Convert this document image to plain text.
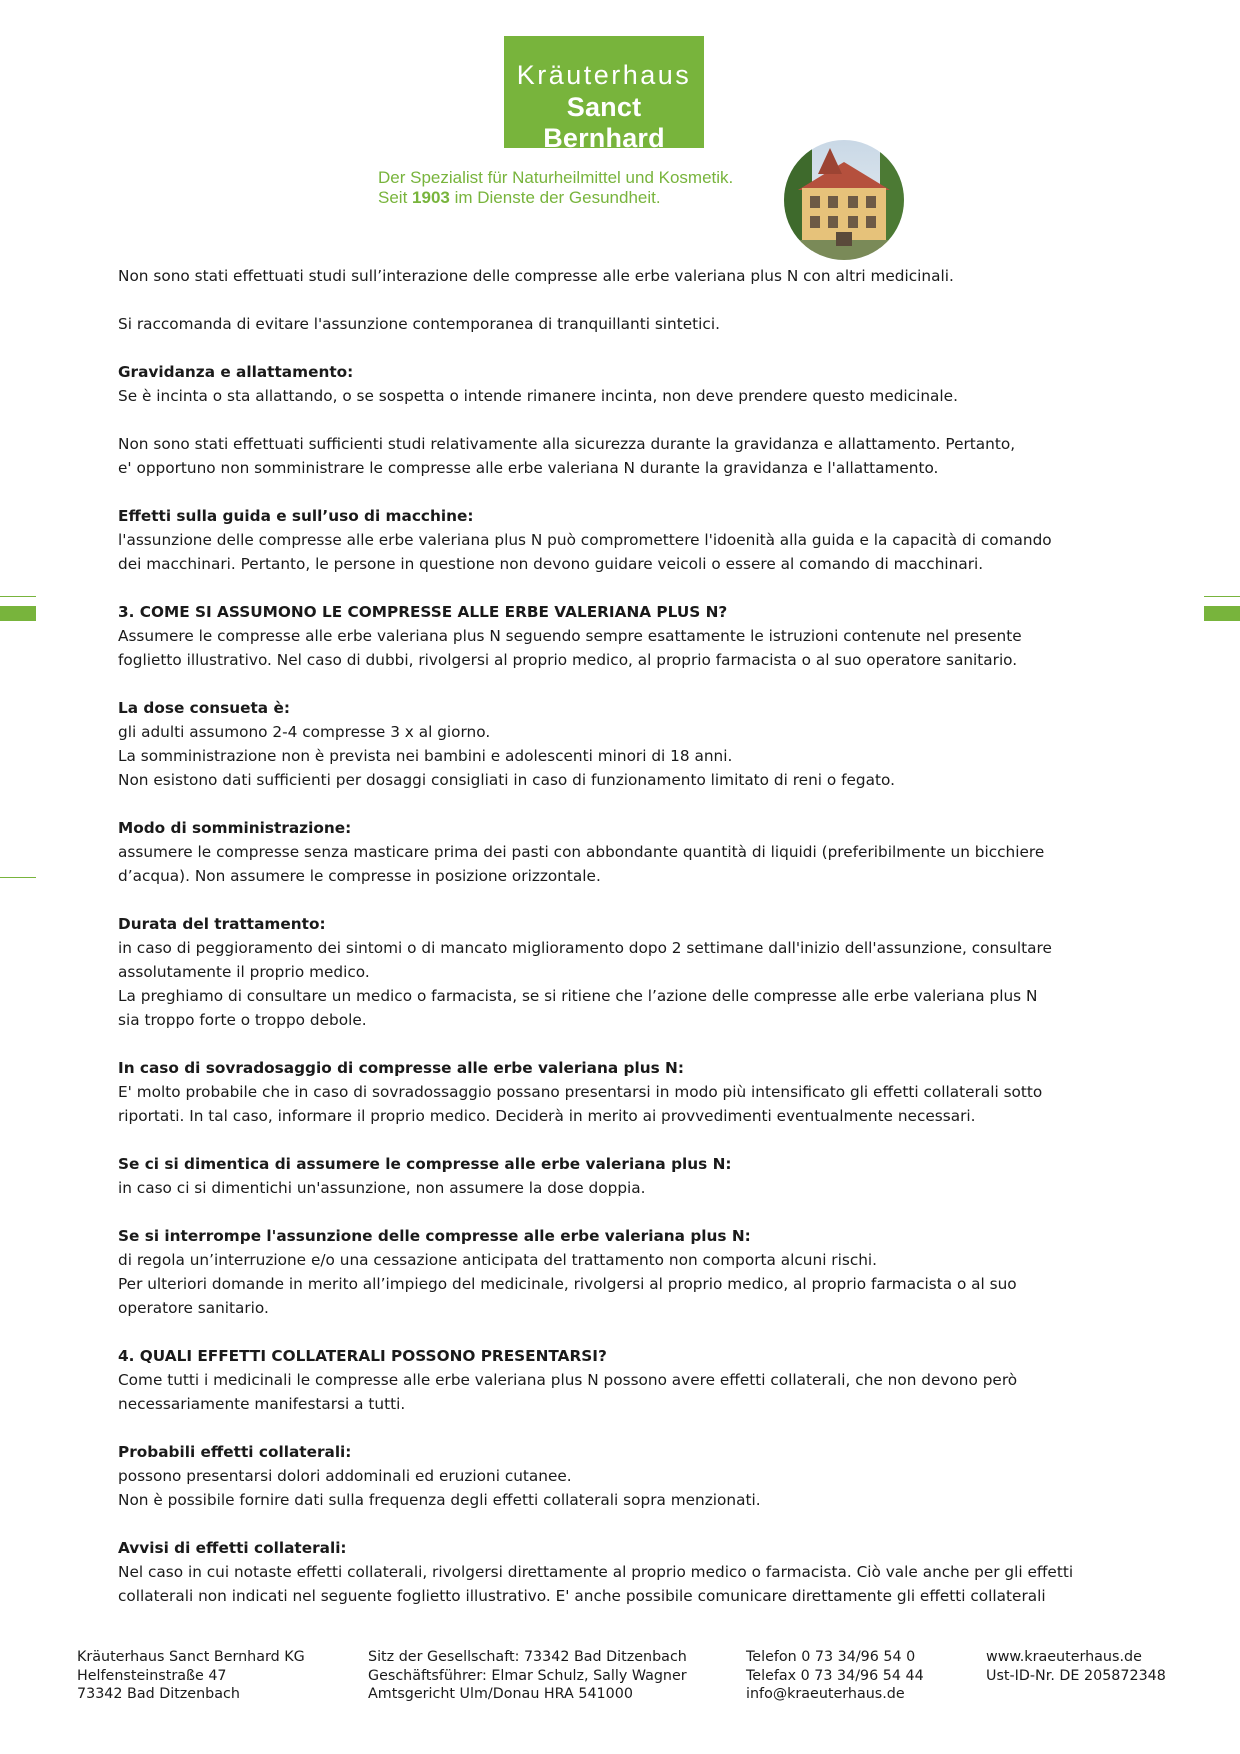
Kräuterhaus
Sanct Bernhard
Der Spezialist für Naturheilmittel und Kosmetik.
Seit 1903 im Dienste der Gesundheit.

Non sono stati effettuati studi sull’interazione delle compresse alle erbe valeriana plus N con altri medicinali.

Si raccomanda di evitare l'assunzione contemporanea di tranquillanti sintetici.

Gravidanza e allattamento:
Se è incinta o sta allattando, o se sospetta o intende rimanere incinta, non deve prendere questo medicinale.

Non sono stati effettuati sufficienti studi relativamente alla sicurezza durante la gravidanza e allattamento. Pertanto,
e' opportuno non somministrare le compresse alle erbe valeriana N durante la gravidanza e l'allattamento.

Effetti sulla guida e sull’uso di macchine:
l'assunzione delle compresse alle erbe valeriana plus N può compromettere l'idoenità alla guida e la capacità di comando
dei macchinari. Pertanto, le persone in questione non devono guidare veicoli o essere al comando di macchinari.

3. COME SI ASSUMONO LE COMPRESSE ALLE ERBE VALERIANA PLUS N?
Assumere le compresse alle erbe valeriana plus N seguendo sempre esattamente le istruzioni contenute nel presente
foglietto illustrativo. Nel caso di dubbi, rivolgersi al proprio medico, al proprio farmacista o al suo operatore sanitario.

La dose consueta è:
gli adulti assumono 2-4 compresse 3 x al giorno.
La somministrazione non è prevista nei bambini e adolescenti minori di 18 anni.
Non esistono dati sufficienti per dosaggi consigliati in caso di funzionamento limitato di reni o fegato.

Modo di somministrazione:
assumere le compresse senza masticare prima dei pasti con abbondante quantità di liquidi (preferibilmente un bicchiere
d’acqua). Non assumere le compresse in posizione orizzontale.

Durata del trattamento:
in caso di peggioramento dei sintomi o di mancato miglioramento dopo 2 settimane dall'inizio dell'assunzione, consultare
assolutamente il proprio medico.
La preghiamo di consultare un medico o farmacista, se si ritiene che l’azione delle compresse alle erbe valeriana plus N
sia troppo forte o troppo debole.

In caso di sovradosaggio di compresse alle erbe valeriana plus N:
E' molto probabile che in caso di sovradossaggio possano presentarsi in modo più intensificato gli effetti collaterali sotto
riportati. In tal caso, informare il proprio medico. Deciderà in merito ai provvedimenti eventualmente necessari.

Se ci si dimentica di assumere le compresse alle erbe valeriana plus N:
in caso ci si dimentichi un'assunzione, non assumere la dose doppia.

Se si interrompe l'assunzione delle compresse alle erbe valeriana plus N:
di regola un’interruzione e/o una cessazione anticipata del trattamento non comporta alcuni rischi.
Per ulteriori domande in merito all’impiego del medicinale, rivolgersi al proprio medico, al proprio farmacista o al suo
operatore sanitario.

4. QUALI EFFETTI COLLATERALI POSSONO PRESENTARSI?
Come tutti i medicinali le compresse alle erbe valeriana plus N possono avere effetti collaterali, che non devono però
necessariamente manifestarsi a tutti.

Probabili effetti collaterali:
possono presentarsi dolori addominali ed eruzioni cutanee.
Non è possibile fornire dati sulla frequenza degli effetti collaterali sopra menzionati.

Avvisi di effetti collaterali:
Nel caso in cui notaste effetti collaterali, rivolgersi direttamente al proprio medico o farmacista. Ciò vale anche per gli effetti
collaterali non indicati nel seguente foglietto illustrativo. E' anche possibile comunicare direttamente gli effetti collaterali

Kräuterhaus Sanct Bernhard KG
Helfensteinstraße 47
73342 Bad Ditzenbach
Sitz der Gesellschaft: 73342 Bad Ditzenbach
Geschäftsführer: Elmar Schulz, Sally Wagner
Amtsgericht Ulm/Donau HRA 541000
Telefon 0 73 34/96 54 0
Telefax 0 73 34/96 54 44
info@kraeuterhaus.de
www.kraeuterhaus.de
Ust-ID-Nr. DE 205872348
